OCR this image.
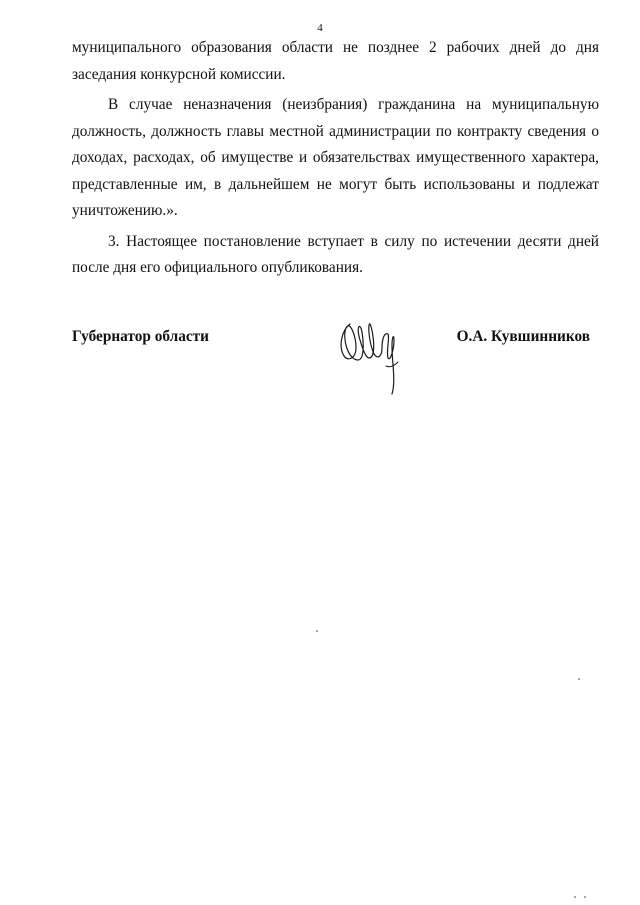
4

муниципального образования области не позднее 2 рабочих дней до дня заседания конкурсной комиссии.

В случае неназначения (неизбрания) гражданина на муниципальную должность, должность главы местной администрации по контракту сведения о доходах, расходах, об имуществе и обязательствах имущественного характера, представленные им, в дальнейшем не могут быть использованы и подлежат уничтожению.».

3. Настоящее постановление вступает в силу по истечении десяти дней после дня его официального опубликования.

Губернатор области	О.А. Кувшинников
